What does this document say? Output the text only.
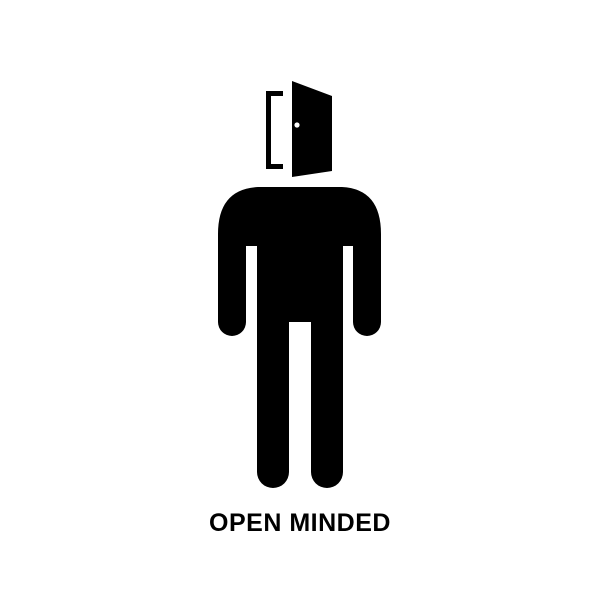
OPEN MINDED
